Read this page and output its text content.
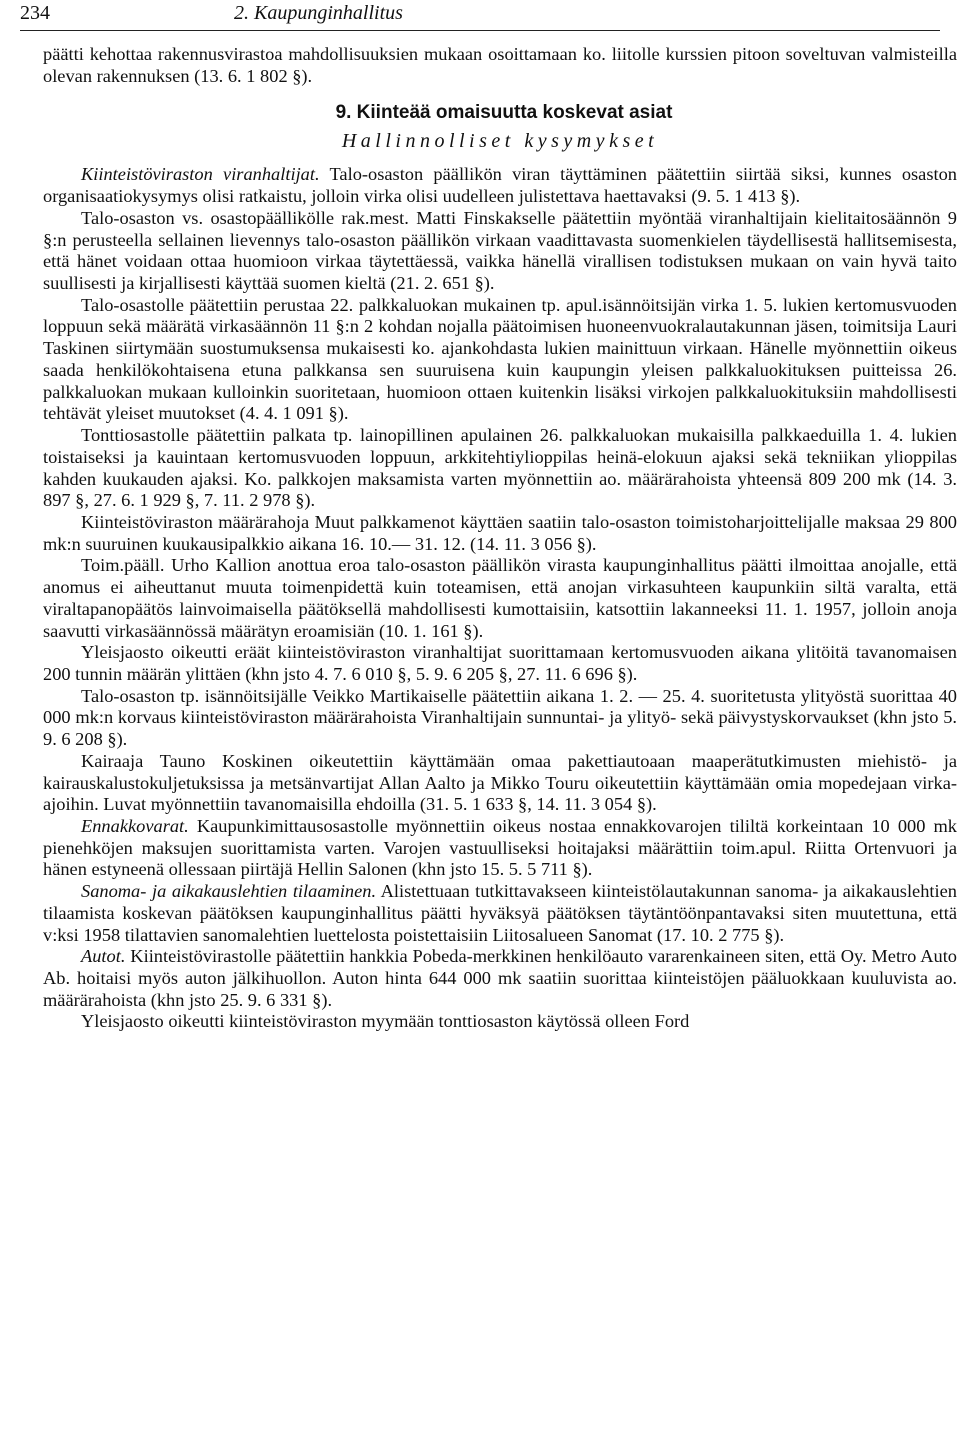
234	2. Kaupunginhallitus

päätti kehottaa rakennusvirastoa mahdollisuuksien mukaan osoittamaan ko. liitolle kurssien pitoon soveltuvan valmisteilla olevan rakennuksen (13. 6. 1 802 §).

9. Kiinteää omaisuutta koskevat asiat
Hallinnolliset kysymykset

Kiinteistöviraston viranhaltijat. Talo-osaston päällikön viran täyttäminen päätettiin siirtää siksi, kunnes osaston organisaatiokysymys olisi ratkaistu, jolloin virka olisi uudelleen julistettava haettavaksi (9. 5. 1 413 §).

Talo-osaston vs. osastopäällikölle rak.mest. Matti Finskakselle päätettiin myöntää viranhaltijain kielitaitosäännön 9 §:n perusteella sellainen lievennys talo-osaston päällikön virkaan vaadittavasta suomenkielen täydellisestä hallitsemisesta, että hänet voidaan ottaa huomioon virkaa täytettäessä, vaikka hänellä virallisen todistuksen mukaan on vain hyvä taito suullisesti ja kirjallisesti käyttää suomen kieltä (21. 2. 651 §).

Talo-osastolle päätettiin perustaa 22. palkkaluokan mukainen tp. apul.isännöitsijän virka 1. 5. lukien kertomusvuoden loppuun sekä määrätä virkasäännön 11 §:n 2 kohdan nojalla päätoimisen huoneenvuokralautakunnan jäsen, toimitsija Lauri Taskinen siirtymään suostumuksensa mukaisesti ko. ajankohdasta lukien mainittuun virkaan. Hänelle myönnettiin oikeus saada henkilökohtaisena etuna palkkansa sen suuruisena kuin kaupungin yleisen palkkaluokituksen puitteissa 26. palkkaluokan mukaan kulloinkin suoritetaan, huomioon ottaen kuitenkin lisäksi virkojen palkkaluokituksiin mahdollisesti tehtävät yleiset muutokset (4. 4. 1 091 §).

Tonttiosastolle päätettiin palkata tp. lainopillinen apulainen 26. palkkaluokan mukaisilla palkkaeduilla 1. 4. lukien toistaiseksi ja kauintaan kertomusvuoden loppuun, arkkitehtiylioppilas heinä-elokuun ajaksi sekä tekniikan ylioppilas kahden kuukauden ajaksi. Ko. palkkojen maksamista varten myönnettiin ao. määrärahoista yhteensä 809 200 mk (14. 3. 897 §, 27. 6. 1 929 §, 7. 11. 2 978 §).

Kiinteistöviraston määrärahoja Muut palkkamenot käyttäen saatiin talo-osaston toimistoharjoittelijalle maksaa 29 800 mk:n suuruinen kuukausipalkkio aikana 16. 10.— 31. 12. (14. 11. 3 056 §).

Toim.pääll. Urho Kallion anottua eroa talo-osaston päällikön virasta kaupunginhallitus päätti ilmoittaa anojalle, että anomus ei aiheuttanut muuta toimenpidettä kuin toteamisen, että anojan virkasuhteen kaupunkiin siltä varalta, että viraltapanopäätös lainvoimaisella päätöksellä mahdollisesti kumottaisiin, katsottiin lakanneeksi 11. 1. 1957, jolloin anoja saavutti virkasäännössä määrätyn eroamisiän (10. 1. 161 §).

Yleisjaosto oikeutti eräät kiinteistöviraston viranhaltijat suorittamaan kertomusvuoden aikana ylitöitä tavanomaisen 200 tunnin määrän ylittäen (khn jsto 4. 7. 6 010 §, 5. 9. 6 205 §, 27. 11. 6 696 §).

Talo-osaston tp. isännöitsijälle Veikko Martikaiselle päätettiin aikana 1. 2. — 25. 4. suoritetusta ylityöstä suorittaa 40 000 mk:n korvaus kiinteistöviraston määrärahoista Viranhaltijain sunnuntai- ja ylityö- sekä päivystyskorvaukset (khn jsto 5. 9. 6 208 §).

Kairaaja Tauno Koskinen oikeutettiin käyttämään omaa pakettiautoaan maaperätutkimusten miehistö- ja kairauskalustokuljetuksissa ja metsänvartijat Allan Aalto ja Mikko Touru oikeutettiin käyttämään omia mopedejaan virka-ajoihin. Luvat myönnettiin tavanomaisilla ehdoilla (31. 5. 1 633 §, 14. 11. 3 054 §).

Ennakkovarat. Kaupunkimittausosastolle myönnettiin oikeus nostaa ennakkovarojen tililtä korkeintaan 10 000 mk pienehköjen maksujen suorittamista varten. Varojen vastuulliseksi hoitajaksi määrättiin toim.apul. Riitta Ortenvuori ja hänen estyneenä ollessaan piirtäjä Hellin Salonen (khn jsto 15. 5. 5 711 §).

Sanoma- ja aikakauslehtien tilaaminen. Alistettuaan tutkittavakseen kiinteistölautakunnan sanoma- ja aikakauslehtien tilaamista koskevan päätöksen kaupunginhallitus päätti hyväksyä päätöksen täytäntöönpantavaksi siten muutettuna, että v:ksi 1958 tilattavien sanomalehtien luettelosta poistettaisiin Liitosalueen Sanomat (17. 10. 2 775 §).

Autot. Kiinteistövirastolle päätettiin hankkia Pobeda-merkkinen henkilöauto vararenkaineen siten, että Oy. Metro Auto Ab. hoitaisi myös auton jälkihuollon. Auton hinta 644 000 mk saatiin suorittaa kiinteistöjen pääluokkaan kuuluvista ao. määrärahoista (khn jsto 25. 9. 6 331 §).

Yleisjaosto oikeutti kiinteistöviraston myymään tonttiosaston käytössä olleen Ford
